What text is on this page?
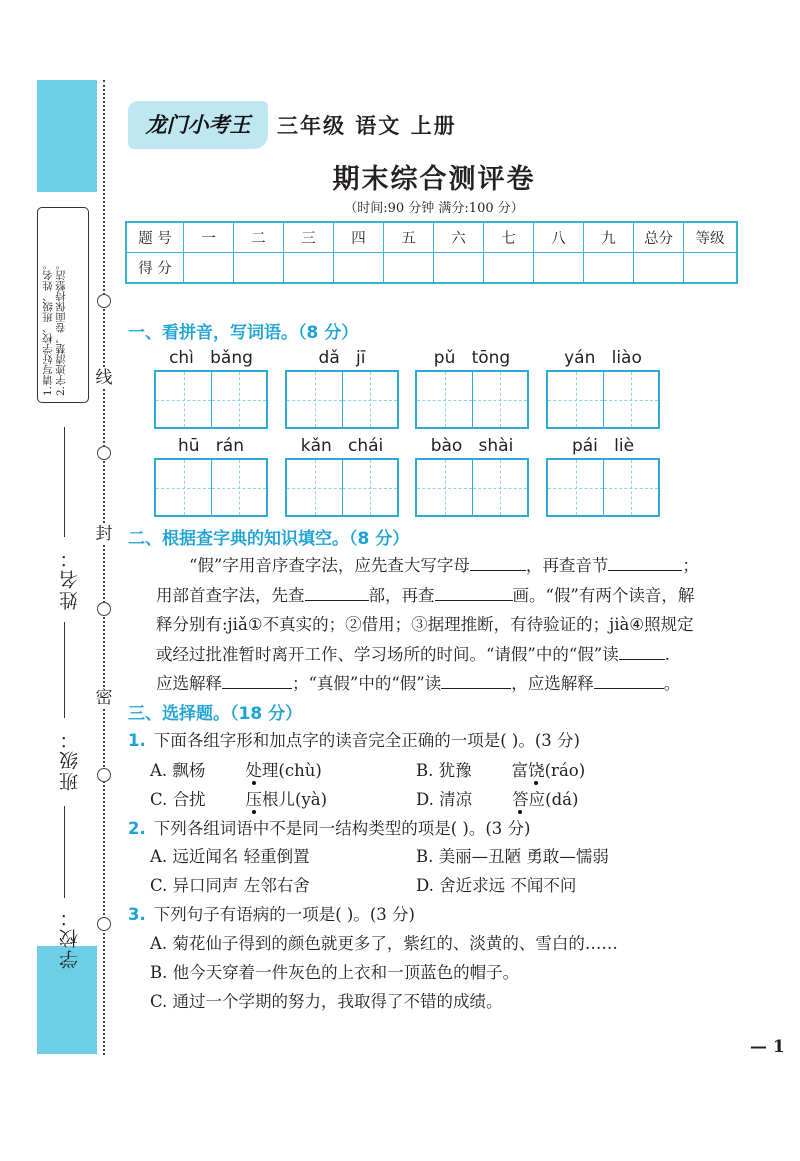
线
封
密
1.请写好学校、班级、姓名。 2.字迹清楚，卷面保持整洁。
姓名：
班级：
学校：
龙门小考王	三年级 语文 上册
期末综合测评卷
（时间:90 分钟 满分:100 分）
题 号	一	二	三	四	五	六	七	八	九	总分	等级
得 分											
一、看拼音，写词语。（8 分）
chì bǎng	dǎ jī	pǔ tōng	yán liào
hū rán	kǎn chái	bào shài	pái liè
二、根据查字典的知识填空。（8 分）
“假”字用音序查字法，应先查大写字母	，再查音节	；
用部首查字法，先查	部，再查	画。“假”有两个读音，解
释分别有:jiǎ①不真实的；②借用；③据理推断，有待验证的；jià④照规定
或经过批准暂时离开工作、学习场所的时间。“请假”中的“假”读	.
应选解释	；“真假”中的“假”读	，应选解释	。
三、选择题。（18 分）
1. 下面各组字形和加点字的读音完全正确的一项是( )。(3 分)
A. 飘杨 处理(chù)	B. 犹豫 富饶(ráo)
C. 合扰 压根儿(yà)	D. 清凉 答应(dá)
2. 下列各组词语中不是同一结构类型的项是( )。(3 分)
A. 远近闻名 轻重倒置	B. 美丽—丑陋 勇敢—懦弱
C. 异口同声 左邻右舍	D. 舍近求远 不闻不问
3. 下列句子有语病的一项是( )。(3 分)
A. 菊花仙子得到的颜色就更多了，紫红的、淡黄的、雪白的……
B. 他今天穿着一件灰色的上衣和一顶蓝色的帽子。
C. 通过一个学期的努力，我取得了不错的成绩。
— 1
